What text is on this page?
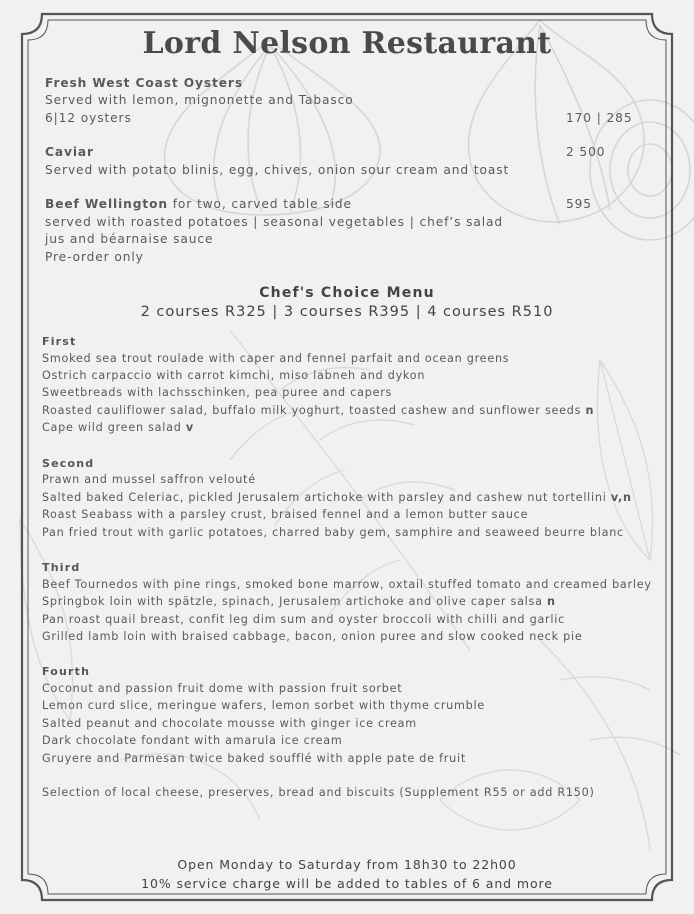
Lord Nelson Restaurant
Fresh West Coast Oysters
Served with lemon, mignonette and Tabasco
6|12 oysters	170 | 285
Caviar	2 500
Served with potato blinis, egg, chives, onion sour cream and toast
Beef Wellington for two, carved table side	595
served with roasted potatoes | seasonal vegetables | chef’s salad
jus and béarnaise sauce
Pre-order only
Chef's Choice Menu
2 courses R325 | 3 courses R395 | 4 courses R510
First
Smoked sea trout roulade with caper and fennel parfait and ocean greens
Ostrich carpaccio with carrot kimchi, miso labneh and dykon
Sweetbreads with lachsschinken, pea puree and capers
Roasted cauliflower salad, buffalo milk yoghurt, toasted cashew and sunflower seeds n
Cape wild green salad v
Second
Prawn and mussel saffron velouté
Salted baked Celeriac, pickled Jerusalem artichoke with parsley and cashew nut tortellini v,n
Roast Seabass with a parsley crust, braised fennel and a lemon butter sauce
Pan fried trout with garlic potatoes, charred baby gem, samphire and seaweed beurre blanc
Third
Beef Tournedos with pine rings, smoked bone marrow, oxtail stuffed tomato and creamed barley
Springbok loin with spätzle, spinach, Jerusalem artichoke and olive caper salsa n
Pan roast quail breast, confit leg dim sum and oyster broccoli with chilli and garlic
Grilled lamb loin with braised cabbage, bacon, onion puree and slow cooked neck pie
Fourth
Coconut and passion fruit dome with passion fruit sorbet
Lemon curd slice, meringue wafers, lemon sorbet with thyme crumble
Salted peanut and chocolate mousse with ginger ice cream
Dark chocolate fondant with amarula ice cream
Gruyere and Parmesan twice baked soufflé with apple pate de fruit
Selection of local cheese, preserves, bread and biscuits (Supplement R55 or add R150)
Open Monday to Saturday from 18h30 to 22h00
10% service charge will be added to tables of 6 and more
